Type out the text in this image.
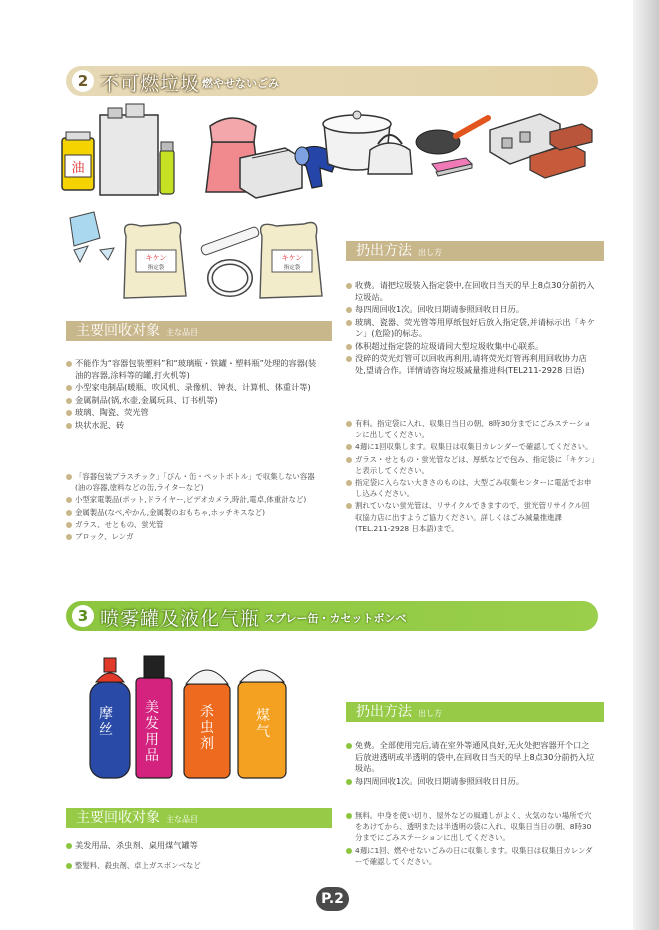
2 不可燃垃圾 燃やせないごみ
油
キケン
指定袋
キケン
指定袋
主要回收对象 主な品目
扔出方法 出し方
不能作为“容器包装塑料”和“玻璃瓶・铁罐・塑料瓶”处理的容器(装油的容器,涂料等的罐,打火机等)
小型家电制品(暖瓶、吹风机、录像机、钟表、计算机、体重计等)
金属制品(锅,水壶,金属玩具、订书机等)
玻璃、陶瓷、荧光管
块状水泥、砖
「容器包装プラスチック」「びん・缶・ペットボトル」で収集しない容器(油の容器,塗料などの缶,ライターなど)
小型家電製品(ポット,ドライヤー,ビデオカメラ,時計,電卓,体重計など)
金属製品(なべ,やかん,金属製のおもちゃ,ホッチキスなど)
ガラス、せともの、蛍光管
ブロック、レンガ
收费。请把垃圾装入指定袋中,在回收日当天的早上8点30分前扔入垃圾站。
每四周回收1次。回收日期请参照回收日日历。
玻璃、瓷器、荧光管等用厚纸包好后放入指定袋,并请标示出「キケン」(危险)的标志。
体积超过指定袋的垃圾请同大型垃圾收集中心联系。
没碎的荧光灯管可以回收再利用,请将荧光灯管再利用回收协力店处,望请合作。详情请咨询垃圾减量推进科(TEL211-2928 日语)
有料。指定袋に入れ、収集日当日の朝、8時30分までにごみステーションに出してください。
4週に1回収集します。収集日は収集日カレンダーで確認してください。
ガラス・せともの・蛍光管などは、厚紙などで包み、指定袋に「キケン」と表示してください。
指定袋に入らない大きさのものは、大型ごみ収集センターに電話でお申し込みください。
割れていない蛍光管は、リサイクルできますので、蛍光管リサイクル回収協力店に出すようご協力ください。詳しくはごみ減量推進課(TEL.211-2928 日本語)まで。
3 喷雾罐及液化气瓶 スプレー缶・カセットボンベ
摩丝
美发用品
杀虫剂
煤气
主要回收对象 主な品目
扔出方法 出し方
美发用品、杀虫剂、桌用煤气罐等
整髪料、殺虫剤、卓上ガスボンベなど
免费。全部使用完后,请在室外等通风良好,无火处把容器开个口之后放进透明或半透明的袋中,在回收日当天的早上8点30分前扔入垃圾站。
每四周回收1次。回收日期请参照回收日日历。
無料。中身を使い切り、屋外などの風通しがよく、火気のない場所で穴をあけてから、透明または半透明の袋に入れ、収集日当日の朝、8時30分までにごみステーションに出してください。
4週に1回、燃やせないごみの日に収集します。収集日は収集日カレンダーで確認してください。
P.2
